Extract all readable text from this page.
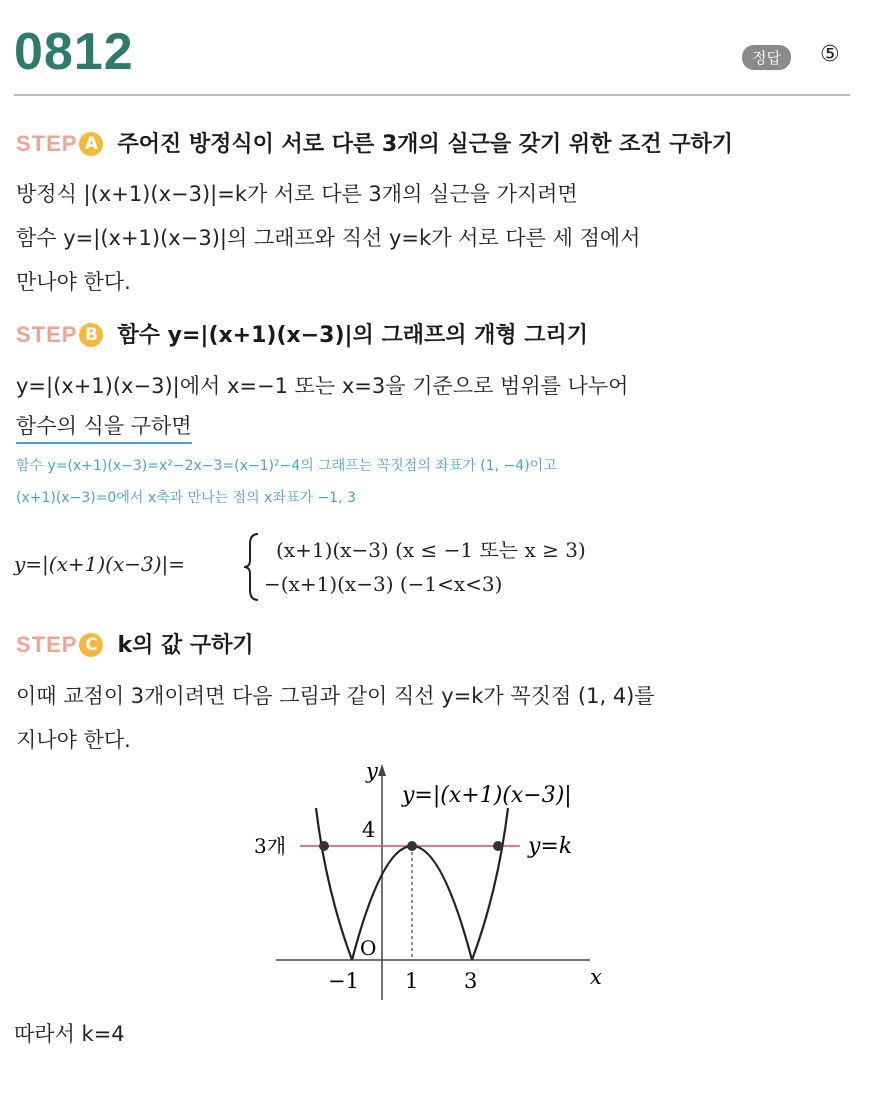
0812	정답	⑤
STEP A 주어진 방정식이 서로 다른 3개의 실근을 갖기 위한 조건 구하기
방정식 |(x+1)(x−3)|=k가 서로 다른 3개의 실근을 가지려면
함수 y=|(x+1)(x−3)|의 그래프와 직선 y=k가 서로 다른 세 점에서
만나야 한다.
STEP B 함수 y=|(x+1)(x−3)|의 그래프의 개형 그리기
y=|(x+1)(x−3)|에서 x=−1 또는 x=3을 기준으로 범위를 나누어
함수의 식을 구하면
함수 y=(x+1)(x−3)=x²−2x−3=(x−1)²−4의 그래프는 꼭짓점의 좌표가 (1, −4)이고
(x+1)(x−3)=0에서 x축과 만나는 점의 x좌표가 −1, 3
y=|(x+1)(x−3)|=
(x+1)(x−3) (x ≤ −1 또는 x ≥ 3)
−(x+1)(x−3) (−1<x<3)
STEP C k의 값 구하기
이때 교점이 3개이려면 다음 그림과 같이 직선 y=k가 꼭짓점 (1, 4)를
지나야 한다.
y
x
O
y=|(x+1)(x−3)|
y=k
3개
4
−1 1 3
따라서 k=4
